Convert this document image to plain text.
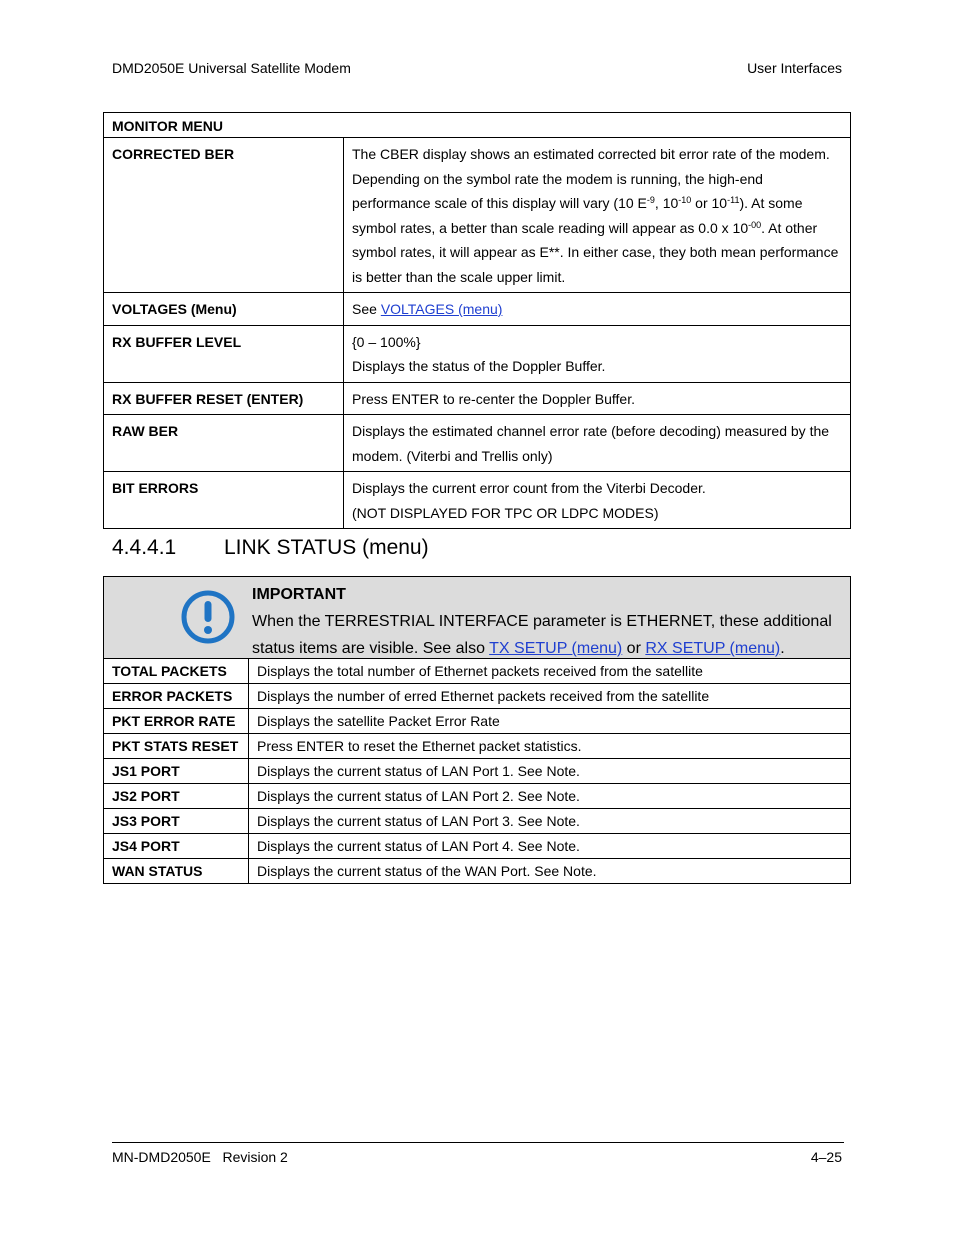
DMD2050E Universal Satellite Modem	User Interfaces
MONITOR MENU	
CORRECTED BER	The CBER display shows an estimated corrected bit error rate of the modem. Depending on the symbol rate the modem is running, the high-end performance scale of this display will vary (10 $E^{-9}$, $10^{-10}$ or $10^{-11}$). At some symbol rates, a better than scale reading will appear as 0.0 x $10^{-00}$. At other symbol rates, it will appear as E**. In either case, they both mean performance is better than the scale upper limit.
VOLTAGES (Menu)	See VOLTAGES (menu)
RX BUFFER LEVEL	{0 – 100%}
Displays the status of the Doppler Buffer.

RX BUFFER RESET (ENTER)	Press ENTER to re-center the Doppler Buffer.
RAW BER	Displays the estimated channel error rate (before decoding) measured by the modem. (Viterbi and Trellis only)
BIT ERRORS	Displays the current error count from the Viterbi Decoder.
(NOT DISPLAYED FOR TPC OR LDPC MODES)
4.4.4.1 LINK STATUS (menu)
IMPORTANT
When the TERRESTRIAL INTERFACE parameter is ETHERNET, these additional status items are visible. See also TX SETUP (menu) or RX SETUP (menu).	

TOTAL PACKETS	Displays the total number of Ethernet packets received from the satellite
ERROR PACKETS	Displays the number of erred Ethernet packets received from the satellite
PKT ERROR RATE	Displays the satellite Packet Error Rate
PKT STATS RESET	Press ENTER to reset the Ethernet packet statistics.
JS1 PORT	Displays the current status of LAN Port 1. See Note.
JS2 PORT	Displays the current status of LAN Port 2. See Note.
JS3 PORT	Displays the current status of LAN Port 3. See Note.
JS4 PORT	Displays the current status of LAN Port 4. See Note.
WAN STATUS	Displays the current status of the WAN Port. See Note.
MN-DMD2050E   Revision 2	4–25
